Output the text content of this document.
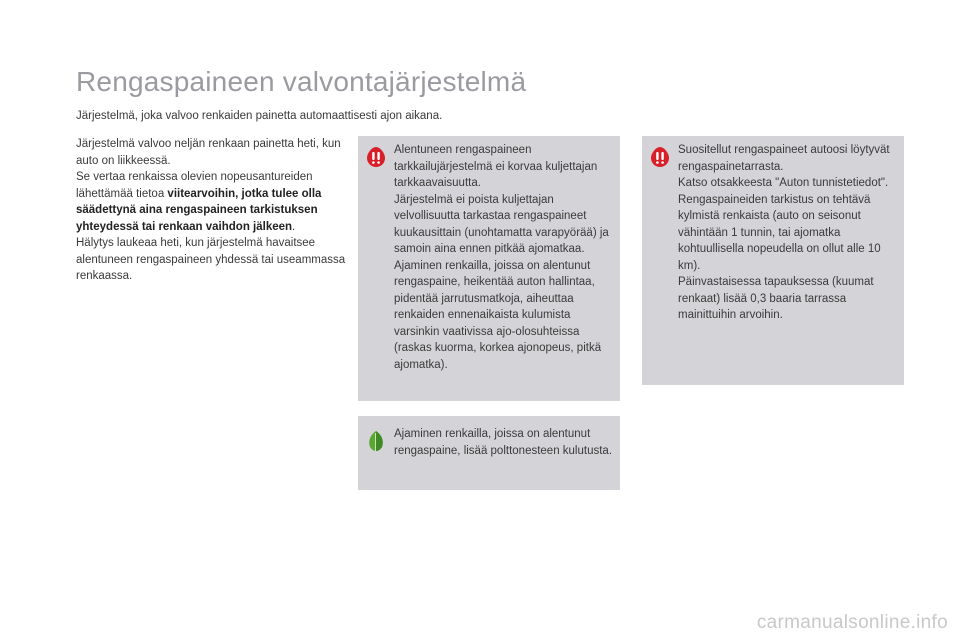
Rengaspaineen valvontajärjestelmä
Järjestelmä, joka valvoo renkaiden painetta automaattisesti ajon aikana.
Järjestelmä valvoo neljän renkaan painetta heti, kun auto on liikkeessä.
Se vertaa renkaissa olevien nopeusantureiden lähettämää tietoa viitearvoihin, jotka tulee olla säädettynä aina rengaspaineen tarkistuksen yhteydessä tai renkaan vaihdon jälkeen.
Hälytys laukeaa heti, kun järjestelmä havaitsee alentuneen rengaspaineen yhdessä tai useammassa renkaassa.
Alentuneen rengaspaineen tarkkailujärjestelmä ei korvaa kuljettajan tarkkaavaisuutta.
Järjestelmä ei poista kuljettajan velvollisuutta tarkastaa rengaspaineet kuukausittain (unohtamatta varapyörää) ja samoin aina ennen pitkää ajomatkaa.
Ajaminen renkailla, joissa on alentunut rengaspaine, heikentää auton hallintaa, pidentää jarrutusmatkoja, aiheuttaa renkaiden ennenaikaista kulumista varsinkin vaativissa ajo-olosuhteissa (raskas kuorma, korkea ajonopeus, pitkä ajomatka).
Suositellut rengaspaineet autoosi löytyvät rengaspainetarrasta.
Katso otsakkeesta "Auton tunnistetiedot".
Rengaspaineiden tarkistus on tehtävä kylmistä renkaista (auto on seisonut vähintään 1 tunnin, tai ajomatka kohtuullisella nopeudella on ollut alle 10 km).
Päinvastaisessa tapauksessa (kuumat renkaat) lisää 0,3 baaria tarrassa mainittuihin arvoihin.
Ajaminen renkailla, joissa on alentunut rengaspaine, lisää polttonesteen kulutusta.
carmanualsonline.info
